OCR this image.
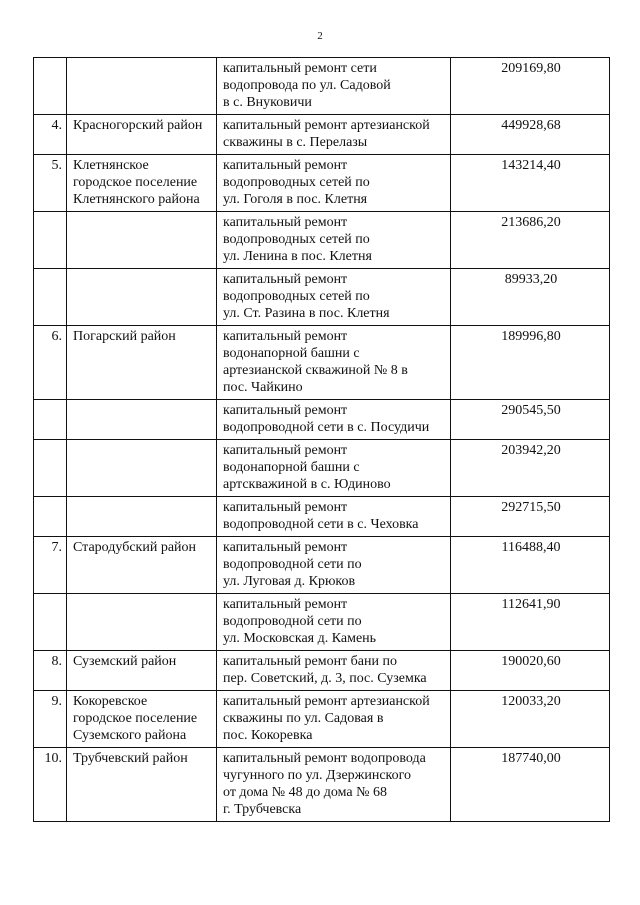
2

		капитальный ремонт сети
водопровода по ул. Садовой
в с. Внуковичи	209169,80
4.	Красногорский район	капитальный ремонт артезианской
скважины в с. Перелазы	449928,68
5.	Клетнянское
городское поселение
Клетнянского района	капитальный ремонт
водопроводных сетей по
ул. Гоголя в пос. Клетня	143214,40

		капитальный ремонт
водопроводных сетей по
ул. Ленина в пос. Клетня	213686,20

		капитальный ремонт
водопроводных сетей по
ул. Ст. Разина в пос. Клетня	89933,20
6.	Погарский район	капитальный ремонт
водонапорной башни с
артезианской скважиной № 8 в
пос. Чайкино	189996,80

		капитальный ремонт
водопроводной сети в с. Посудичи	290545,50

		капитальный ремонт
водонапорной башни с
артскважиной в с. Юдиново	203942,20

		капитальный ремонт
водопроводной сети в с. Чеховка	292715,50
7.	Стародубский район	капитальный ремонт
водопроводной сети по
ул. Луговая д. Крюков	116488,40

		капитальный ремонт
водопроводной сети по
ул. Московская д. Камень	112641,90
8.	Суземский район	капитальный ремонт бани по
пер. Советский, д. 3, пос. Суземка	190020,60
9.	Кокоревское
городское поселение
Суземского района	капитальный ремонт артезианской
скважины по ул. Садовая в
пос. Кокоревка	120033,20
10.	Трубчевский район	капитальный ремонт водопровода
чугунного по ул. Дзержинского
от дома № 48 до дома № 68
г. Трубчевска	187740,00
